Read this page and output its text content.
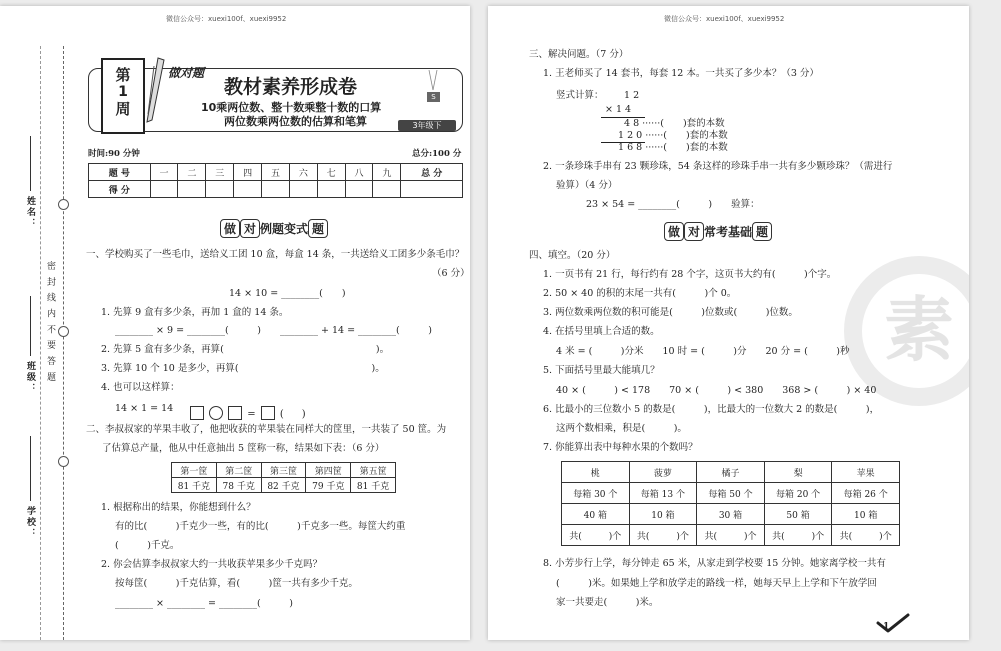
微信公众号：xuexi100f、xuexi9952
姓名：
班级：
学校：
密 封 线 内 不 要 答 题
第
1
周
做对题
教材素养形成卷
10乘两位数、整十数乘整十数的口算
两位数乘两位数的估算和笔算	3年级下
S
时间:90 分钟	总分:100 分
题 号	一	二	三	四	五	六	七	八	九	总 分
得 分										
做 对 例题变式 题
一、学校购买了一些毛巾，送给义工团 10 盒，每盒 14 条，一共送给义工团多少条毛巾？
（6 分）
14 × 10 = ________(　　)
1. 先算 9 盒有多少条，再加 1 盒的 14 条。
________ × 9 = ________(　　　)　　________ + 14 = ________(　　　)
2. 先算 5 盒有多少条，再算(　　　　　　　　　　　　　　　　)。
3. 先算 10 个 10 是多少，再算(　　　　　　　　　　　　　　)。
4. 也可以这样算：
14 × 1 = 14
= ( )
二、李叔叔家的苹果丰收了，他把收获的苹果装在同样大的筐里，一共装了 50 筐。为
了估算总产量，他从中任意抽出 5 筐称一称，结果如下表：（6 分）
第一筐	第二筐	第三筐	第四筐	第五筐
81 千克	78 千克	82 千克	79 千克	81 千克
1. 根据称出的结果，你能想到什么？
有的比(　　　)千克少一些，有的比(　　　)千克多一些。每筐大约重
(　　　)千克。
2. 你会估算李叔叔家大约一共收获苹果多少千克吗？
按每筐(　　　)千克估算，看(　　　)筐一共有多少千克。
________ × ________ = ________(　　　)
微信公众号：xuexi100f、xuexi9952
素
三、解决问题。（7 分）
1. 王老师买了 14 套书，每套 12 本。一共买了多少本？（3 分）
竖式计算： 1 2
× 1 4
4 8 ······(　　)套的本数
1 2 0 ······(　　)套的本数
1 6 8 ······(　　)套的本数
2. 一条珍珠手串有 23 颗珍珠，54 条这样的珍珠手串一共有多少颗珍珠？（需进行
验算）（4 分）
23 × 54 = ________(　　　)　　验算：
做 对 常考基础 题
四、填空。（20 分）
1. 一页书有 21 行，每行约有 28 个字，这页书大约有(　　　)个字。
2. 50 × 40 的积的末尾一共有(　　　)个 0。
3. 两位数乘两位数的积可能是(　　　)位数或(　　　)位数。
4. 在括号里填上合适的数。
4 米 = (　　　)分米　　10 时 = (　　　)分　　20 分 = (　　　)秒
5. 下面括号里最大能填几？
40 × (　　　) < 178　　70 × (　　　) < 380　　368 > (　　　) × 40
6. 比最小的三位数小 5 的数是(　　　)，比最大的一位数大 2 的数是(　　　)，
这两个数相乘，积是(　　　)。
7. 你能算出表中每种水果的个数吗？
桃	菠萝	橘子	梨	苹果
每箱 30 个	每箱 13 个	每箱 50 个	每箱 20 个	每箱 26 个
40 箱	10 箱	30 箱	50 箱	10 箱
共(　　　)个	共(　　　)个	共(　　　)个	共(　　　)个	共(　　　)个
8. 小芳步行上学，每分钟走 65 米，从家走到学校要 15 分钟。她家离学校一共有
(　　　)米。如果她上学和放学走的路线一样，她每天早上上学和下午放学回
家一共要走(　　　)米。
1
